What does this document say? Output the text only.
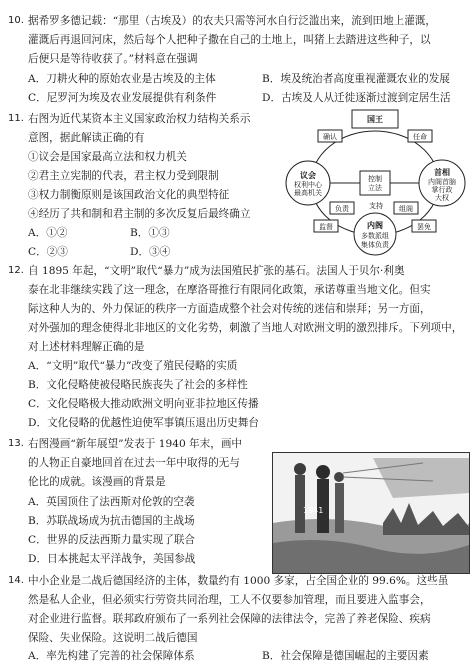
10. 据希罗多德记载：“那里（古埃及）的农夫只需等河水自行泛滥出来，流到田地上灌溉，
灌溉后再退回河床，然后每个人把种子撒在自己的土地上，叫猪上去踏进这些种子，以
后便只是等待收获了。”材料意在强调
A．刀耕火种的原始农业是古埃及的主体	B．埃及统治者高度重视灌溉农业的发展
C．尼罗河为埃及农业发展提供有利条件	D．古埃及人从迁徙逐渐过渡到定居生活
11. 右图为近代某资本主义国家政治权力结构关系示
意图，据此解读正确的有
①议会是国家最高立法和权力机关
②君主立宪制的代表，君主权力受到限制
③权力制衡原则是该国政治文化的典型特征
④经历了共和制和君主制的多次反复后最终确立
A．①②	B．①③
C．②③	D．③④
国王
议会
权利中心
最高机关
首相
内阁首脑
掌行政
大权
内阁
多数派组
集体负责
控制
立法
确认	任命
负责	组阁
监督	罢免
支持
12. 自 1895 年起，“文明”取代“暴力”成为法国殖民扩张的基石。法国人于贝尔·利奥
泰在北非继续实践了这一理念，在摩洛哥推行有限同化政策，承诺尊重当地文化。但实
际这种人为的、外力保证的秩序一方面造成整个社会对传统的迷信和崇拜；另一方面，
对外强加的理念使得北非地区的文化劣势，刺激了当地人对欧洲文明的激烈排斥。下列项中，
对上述材料理解正确的是
A．“文明”取代“暴力”改变了殖民侵略的实质
B．文化侵略使被侵略民族丧失了社会的多样性
C．文化侵略极大推动欧洲文明向亚非拉地区传播
D．文化侵略的优越性迫使军事镇压退出历史舞台
13. 右图漫画“新年展望”发表于 1940 年末，画中
的人物正自豪地回首在过去一年中取得的无与
伦比的成就。该漫画的背景是
A．英国顶住了法西斯对伦敦的空袭
B．苏联战场成为抗击德国的主战场
C．世界的反法西斯力量实现了联合
D．日本挑起太平洋战争，美国参战
1941
14. 中小企业是二战后德国经济的主体，数量约有 1000 多家，占全国企业的 99.6%。这些虽
然是私人企业，但必须实行劳资共同治理，工人不仅要参加管理，而且要进入监事会，
对企业进行监督。联邦政府颁布了一系列社会保障的法律法令，完善了养老保险、疾病
保险、失业保险。这说明二战后德国
A．率先构建了完善的社会保障体系	B．社会保障是德国崛起的主要因素
